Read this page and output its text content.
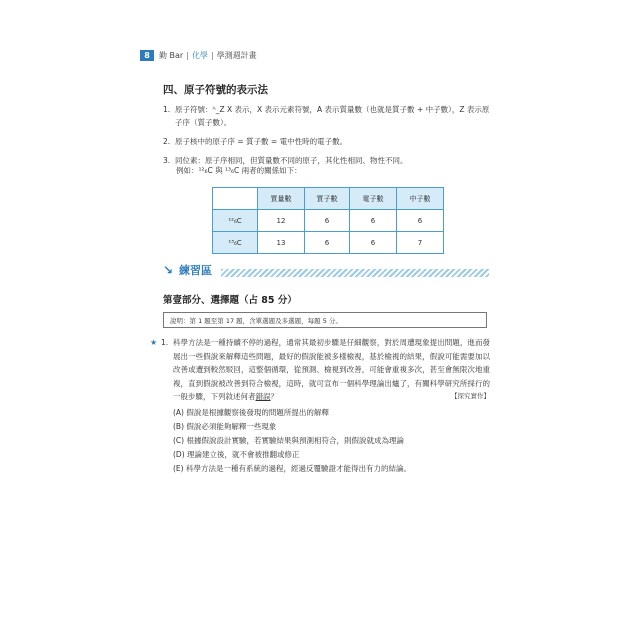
8	勤 Bar | 化學 | 學測週計畫
四、原子符號的表示法
1. 原子符號：ᴬ_Z X 表示，X 表示元素符號，A 表示質量數（也就是質子數 + 中子數），Z 表示原子序（質子數）。
2. 原子核中的原子序 = 質子數 = 電中性時的電子數。
3. 同位素：原子序相同，但質量數不同的原子，其化性相同、物性不同。
例如：¹²₆C 與 ¹³₆C 兩者的關係如下：
	質量數	質子數	電子數	中子數
¹²₆C	12	6	6	6
¹³₆C	13	6	6	7
↘ 練習區
第壹部分、選擇題（占 85 分）
說明：第 1 題至第 17 題，含單選題及多選題，每題 5 分。
★ 1. 科學方法是一種持續不停的過程，通常其最初步驟是仔細觀察，對於周遭現象提出問題，進而發展出一些假說來解釋這些問題，最好的假說能被多樣檢視，基於檢視的結果，假說可能需要加以改善或遭到較然駁回，這整個循環，從預測、檢視到改善，可能會重複多次，甚至會無限次地重複，直到假說被改善到符合檢視，這時，就可宣布一個科學理論出爐了，有關科學研究所採行的一般步驟，下列敘述何者錯誤？	【探究實作】
(A) 假說是根據觀察後發現的問題所提出的解釋
(B) 假說必須能夠解釋一些現象
(C) 根據假說設計實驗，若實驗結果與預測相符合，則假說就成為理論
(D) 理論建立後，就不會被推翻或修正
(E) 科學方法是一種有系統的過程，經過反覆驗證才能得出有力的結論。
